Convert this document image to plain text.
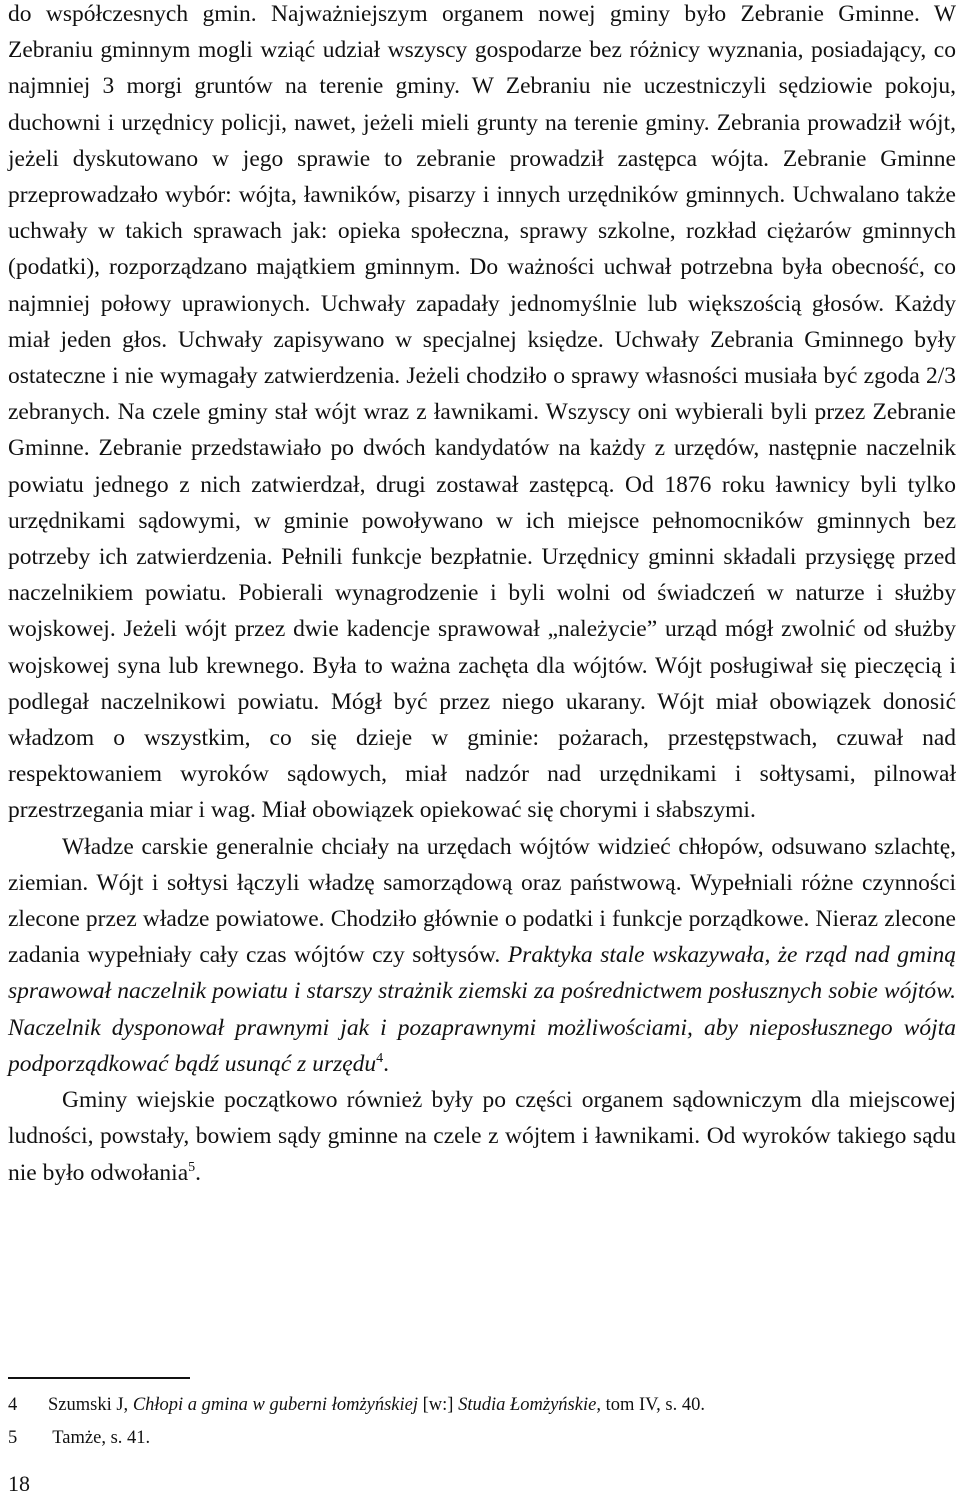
do współczesnych gmin. Najważniejszym organem nowej gminy było Zebranie Gminne. W Zebraniu gminnym mogli wziąć udział wszyscy gospodarze bez różnicy wyznania, posiadający, co najmniej 3 morgi gruntów na terenie gminy. W Zebraniu nie uczestniczyli sędziowie pokoju, duchowni i urzędnicy policji, nawet, jeżeli mieli grunty na terenie gminy. Zebrania prowadził wójt, jeżeli dyskutowano w jego sprawie to zebranie prowadził zastępca wójta. Zebranie Gminne przeprowadzało wybór: wójta, ławników, pisarzy i innych urzędników gminnych. Uchwalano także uchwały w takich sprawach jak: opieka społeczna, sprawy szkolne, rozkład ciężarów gminnych (podatki), rozporządzano majątkiem gminnym. Do ważności uchwał potrzebna była obecność, co najmniej połowy uprawionych. Uchwały zapadały jednomyślnie lub większością głosów. Każdy miał jeden głos. Uchwały zapisywano w specjalnej księdze. Uchwały Zebrania Gminnego były ostateczne i nie wymagały zatwierdzenia. Jeżeli chodziło o sprawy własności musiała być zgoda 2/3 zebranych. Na czele gminy stał wójt wraz z ławnikami. Wszyscy oni wybierali byli przez Zebranie Gminne. Zebranie przedstawiało po dwóch kandydatów na każdy z urzędów, następnie naczelnik powiatu jednego z nich zatwierdzał, drugi zostawał zastępcą. Od 1876 roku ławnicy byli tylko urzędnikami sądowymi, w gminie powoływano w ich miejsce pełnomocników gminnych bez potrzeby ich zatwierdzenia. Pełnili funkcje bezpłatnie. Urzędnicy gminni składali przysięgę przed naczelnikiem powiatu. Pobierali wynagrodzenie i byli wolni od świadczeń w naturze i służby wojskowej. Jeżeli wójt przez dwie kadencje sprawował „należycie” urząd mógł zwolnić od służby wojskowej syna lub krewnego. Była to ważna zachęta dla wójtów. Wójt posługiwał się pieczęcią i podlegał naczelnikowi powiatu. Mógł być przez niego ukarany. Wójt miał obowiązek donosić władzom o wszystkim, co się dzieje w gminie: pożarach, przestępstwach, czuwał nad respektowaniem wyroków sądowych, miał nadzór nad urzędnikami i sołtysami, pilnował przestrzegania miar i wag. Miał obowiązek opiekować się chorymi i słabszymi.

Władze carskie generalnie chciały na urzędach wójtów widzieć chłopów, odsuwano szlachtę, ziemian. Wójt i sołtysi łączyli władzę samorządową oraz państwową. Wypełniali różne czynności zlecone przez władze powiatowe. Chodziło głównie o podatki i funkcje porządkowe. Nieraz zlecone zadania wypełniały cały czas wójtów czy sołtysów. Praktyka stale wskazywała, że rząd nad gminą sprawował naczelnik powiatu i starszy strażnik ziemski za pośrednictwem posłusznych sobie wójtów. Naczelnik dysponował prawnymi jak i pozaprawnymi możliwościami, aby nieposłusznego wójta podporządkować bądź usunąć z urzędu$^4$.

Gminy wiejskie początkowo również były po części organem sądowniczym dla miejscowej ludności, powstały, bowiem sądy gminne na czele z wójtem i ławnikami. Od wyroków takiego sądu nie było odwołania$^5$.

4 Szumski J, Chłopi a gmina w guberni łomżyńskiej [w:] Studia Łomżyńskie, tom IV, s. 40.
5 Tamże, s. 41.
18
